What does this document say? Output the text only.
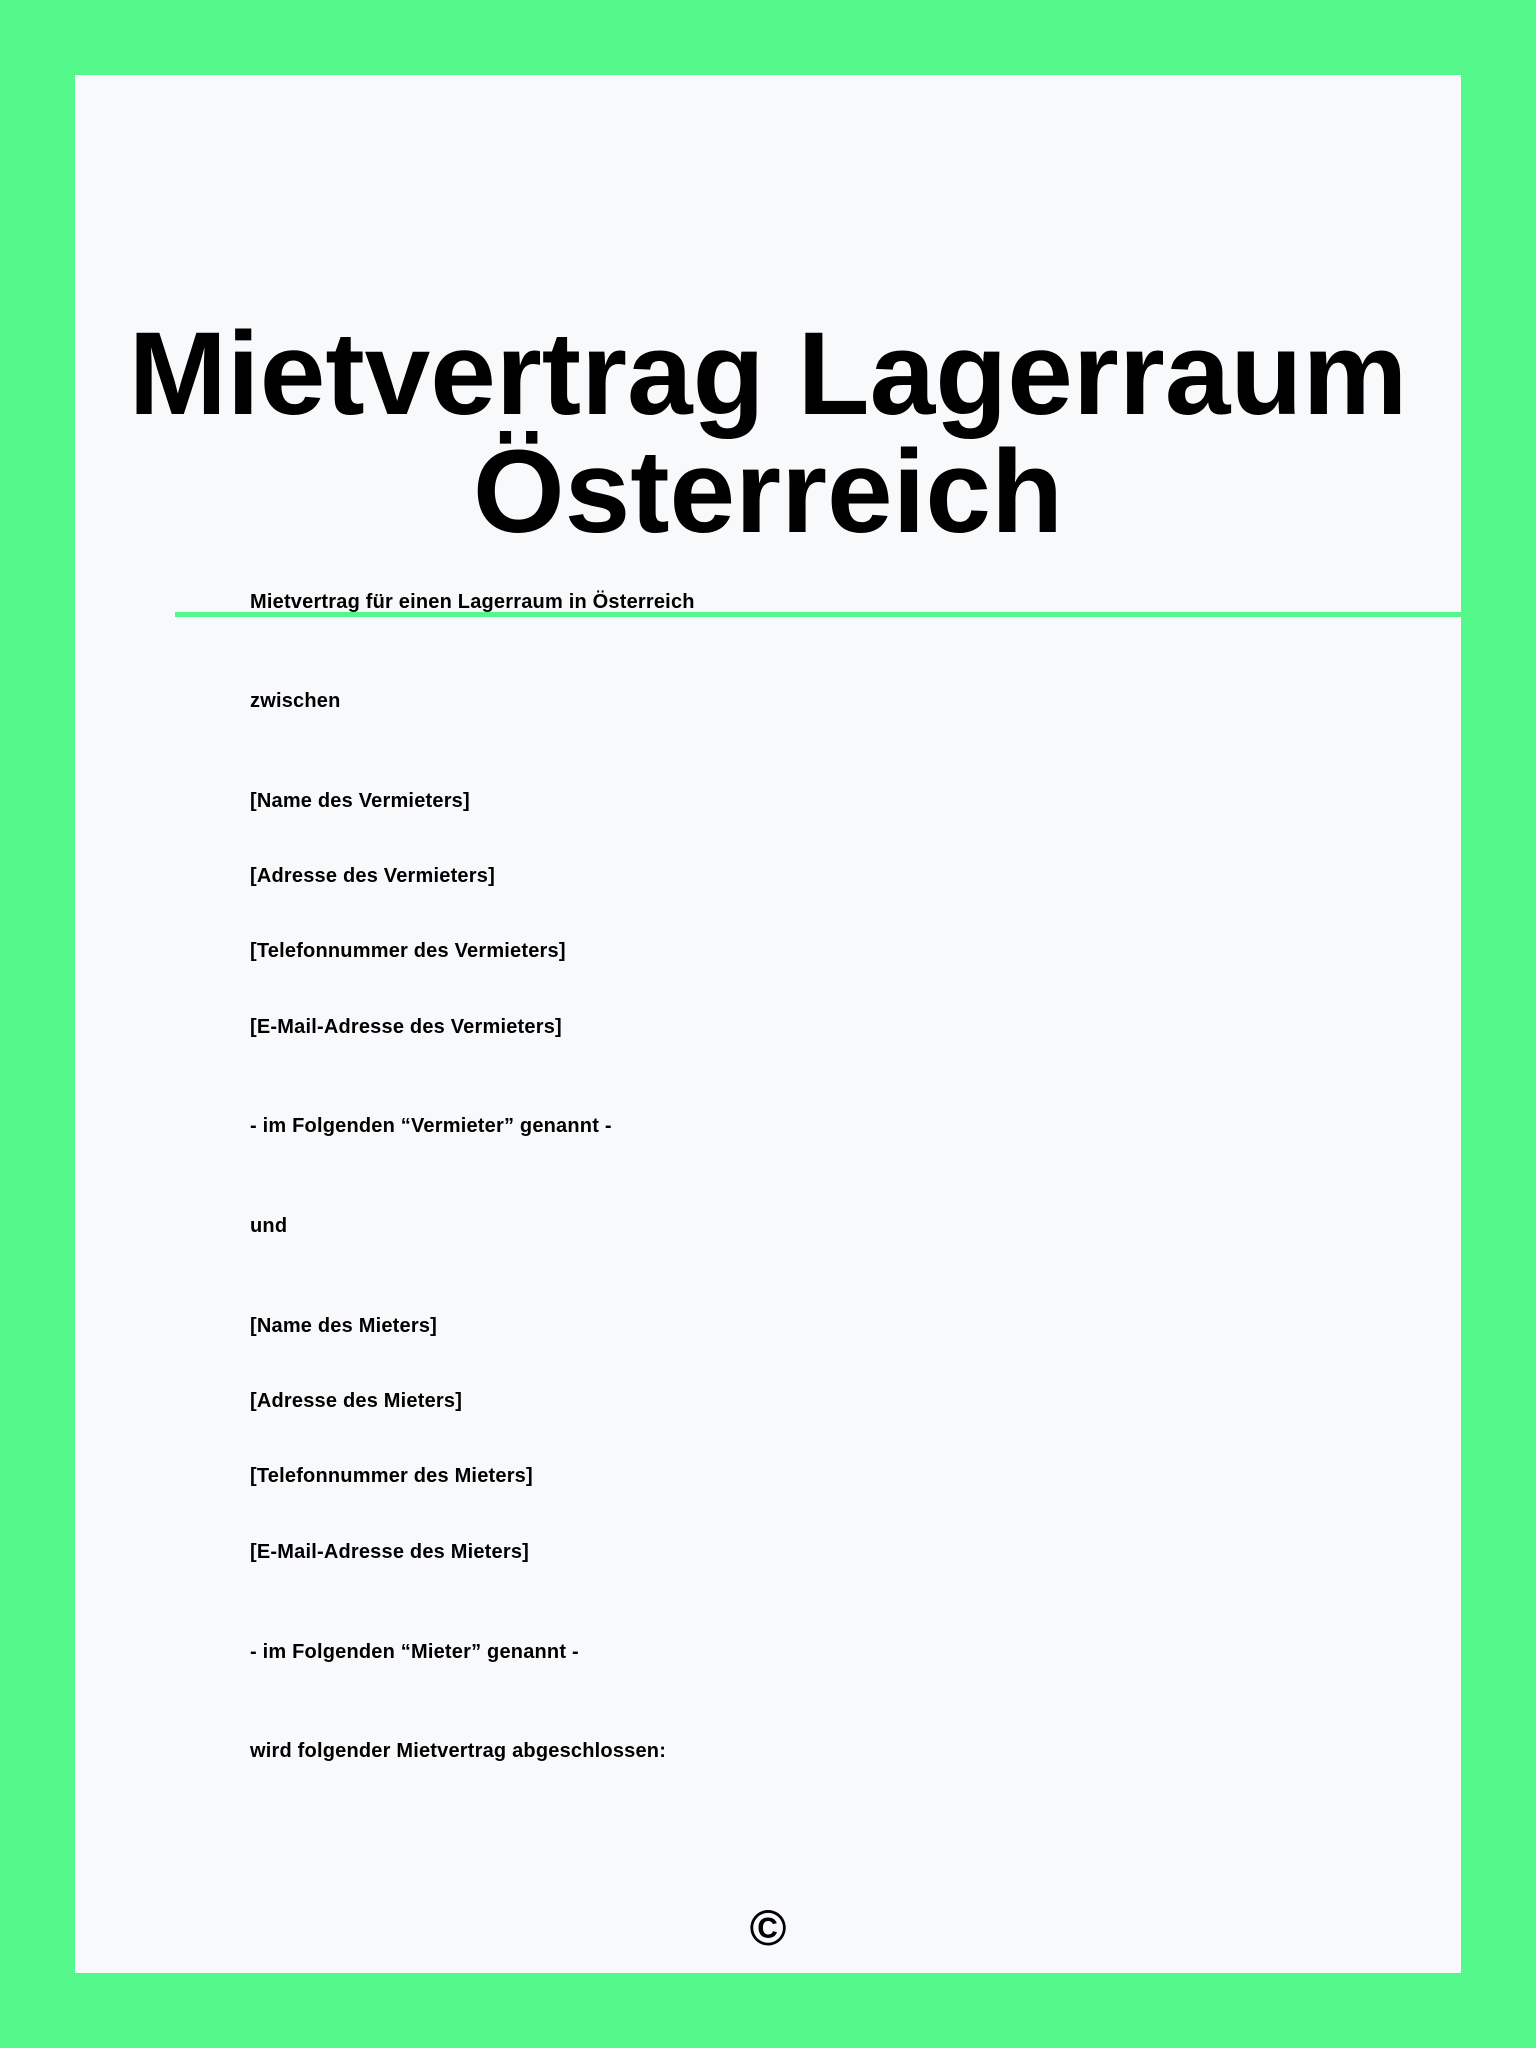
Mietvertrag Lagerraum
Österreich
Mietvertrag für einen Lagerraum in Österreich
zwischen
[Name des Vermieters]
[Adresse des Vermieters]
[Telefonnummer des Vermieters]
[E-Mail-Adresse des Vermieters]
- im Folgenden “Vermieter” genannt -
und
[Name des Mieters]
[Adresse des Mieters]
[Telefonnummer des Mieters]
[E-Mail-Adresse des Mieters]
- im Folgenden “Mieter” genannt -
wird folgender Mietvertrag abgeschlossen:
©
